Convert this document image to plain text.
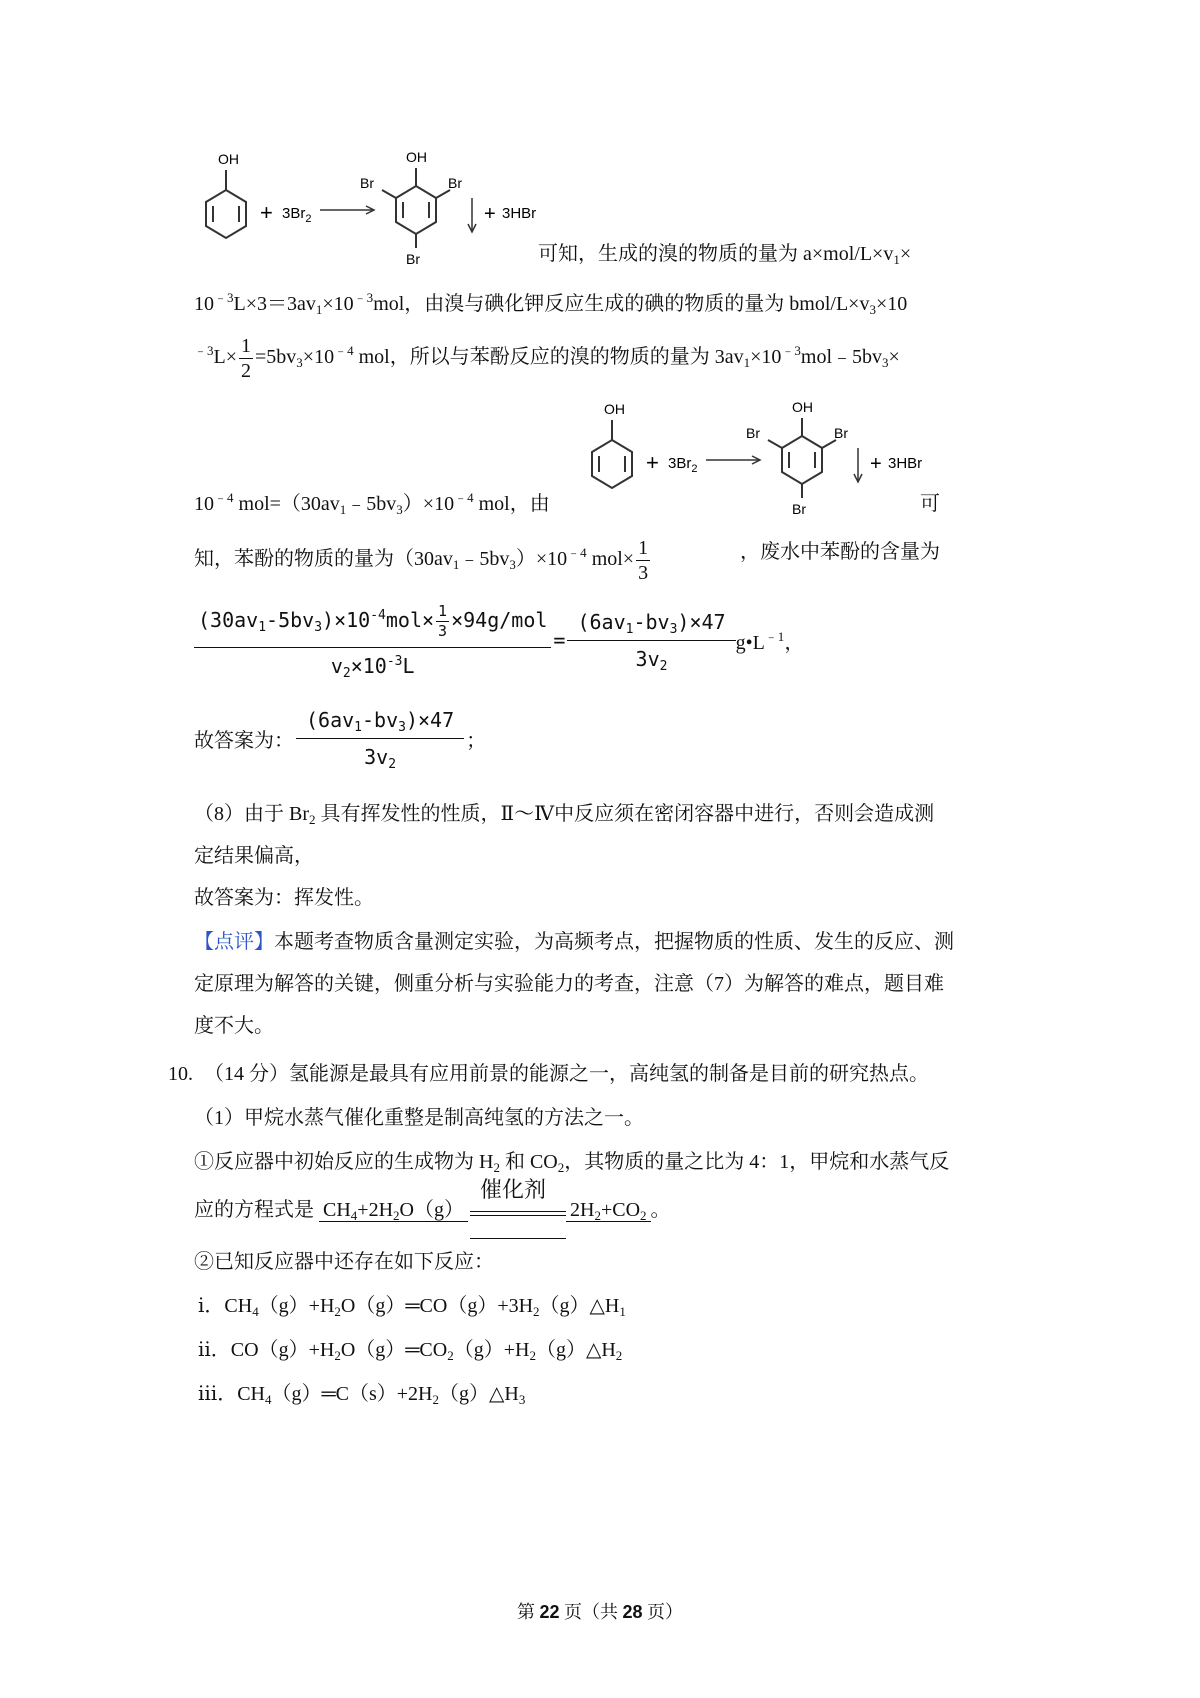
OH
+ $3Br_2$
OH
Br	Br
Br
+ 3HBr
可知，生成的溴的物质的量为 $a\times mol/L\times v_1\times$
$10^{﹣3}L\times 3=3av_1\times 10^{﹣3}mol$，由溴与碘化钾反应生成的碘的物质的量为 bmol/$L\times v_3\times 10$
$^{﹣3}L\times \frac{1}{2} =5bv_3\times 10^{﹣4}$ mol，所以与苯酚反应的溴的物质的量为 $3av_1\times 10^{﹣3}mol﹣5bv_3\times$
OH
+ $3Br_2$
OH
Br	Br
Br
+ 3HBr
$10^{﹣4}$ $mol=(30av_1﹣5bv_3)\times 10^{﹣4}$ mol，由	可
知，苯酚的物质的量为$(30av_1﹣5bv_3)\times 10^{﹣4}$ $mol\times \frac{1}{3}$	，废水中苯酚的含量为
$\frac{(30av_1-5bv_3)\times 10^{-4}mol\times \frac{1}{3} \times 94g/mol}{v_2\times 10^{-3}L} = \frac{(6av_1-bv_3)\times 47}{3v_2}$ $g•L^{﹣1}$，
故答案为： $\frac{(6av_1-bv_3)\times 47}{3v_2}$ ；
（8）由于 $Br_2$ 具有挥发性的性质，Ⅱ～Ⅳ中反应须在密闭容器中进行，否则会造成测
定结果偏高，
故答案为：挥发性。
【点评】本题考查物质含量测定实验，为高频考点，把握物质的性质、发生的反应、测
定原理为解答的关键，侧重分析与实验能力的考查，注意（7）为解答的难点，题目难
度不大。
10. （14 分）氢能源是最具有应用前景的能源之一，高纯氢的制备是目前的研究热点。
（1）甲烷水蒸气催化重整是制高纯氢的方法之一。
①反应器中初始反应的生成物为 $H_2$ 和 $CO_2$，其物质的量之比为 4：1，甲烷和水蒸气反
应的方程式是 $CH_4+2H_2O(g)$
催化剂
$2H_2+CO_2$ 。
②已知反应器中还存在如下反应：
ⅰ．$CH_4(g)+H_2O(g)═CO(g)+3H_2(g)\triangle H_1$
ⅱ．$CO(g)+H_2O(g)═CO_2(g)+H_2(g)\triangle H_2$
ⅲ．$CH_4(g)═C(s)+2H_2(g)\triangle H_3$
第 22 页（共 28 页）
